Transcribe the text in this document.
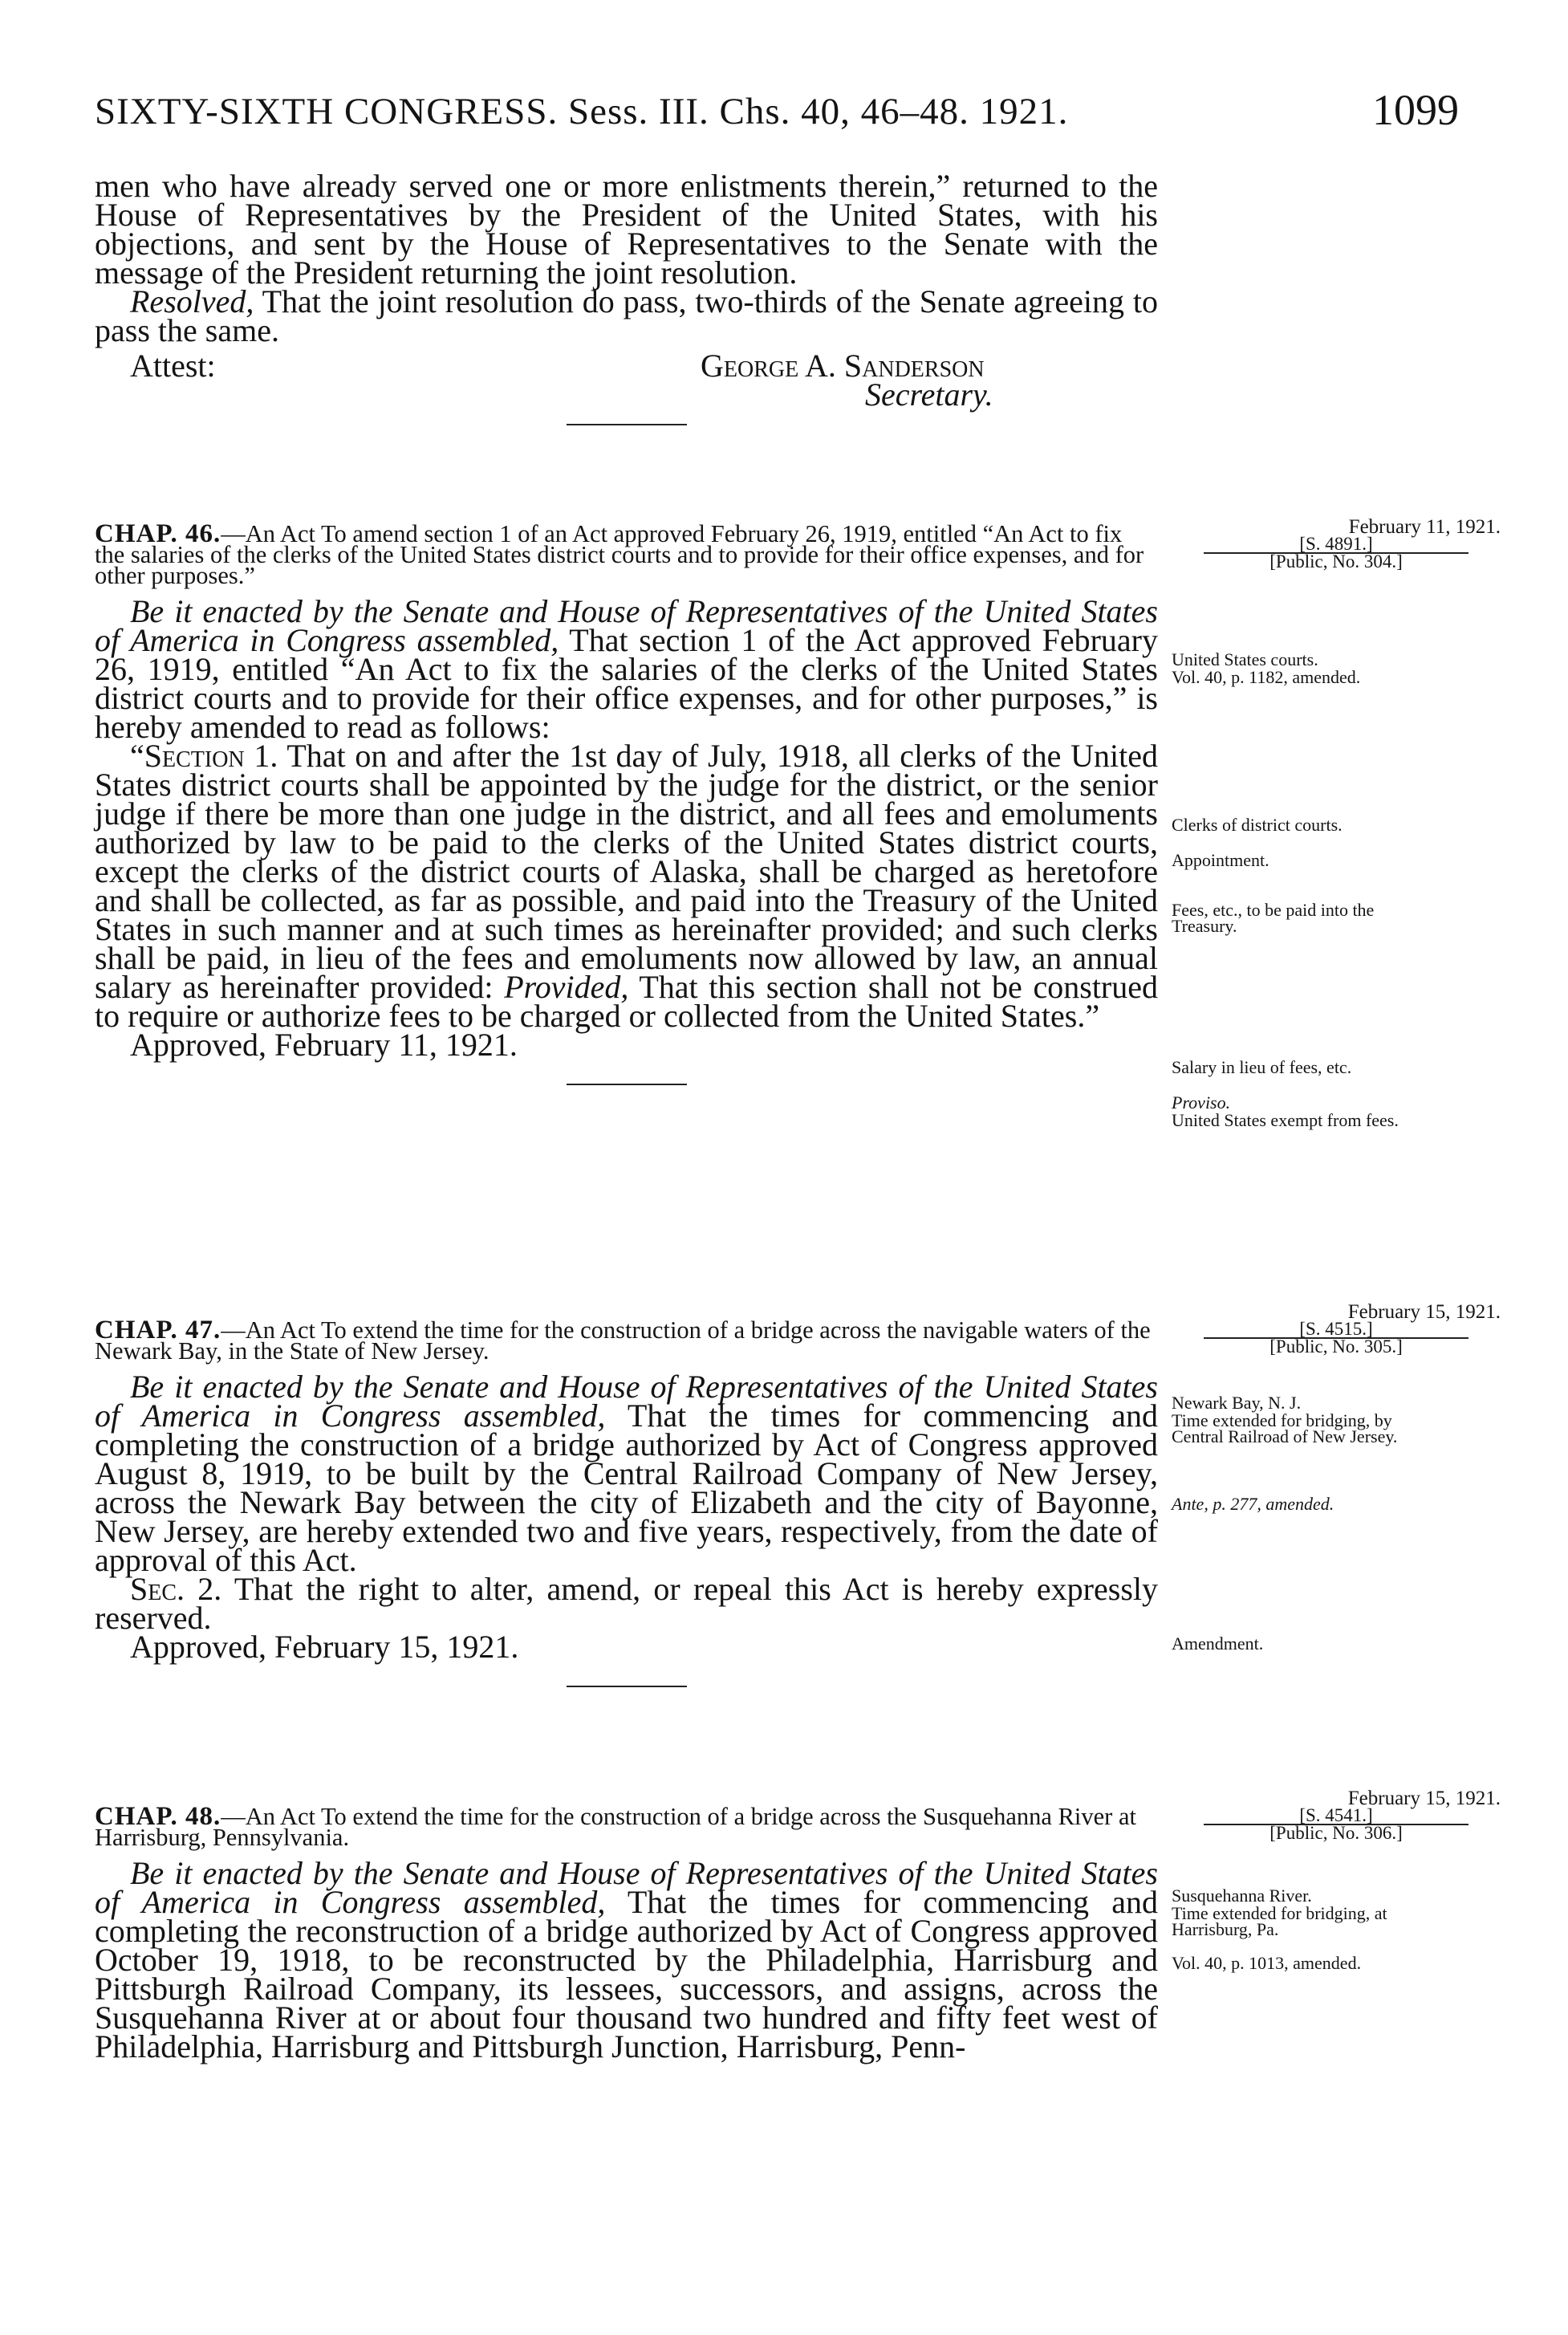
SIXTY-SIXTH CONGRESS. Sess. III. Chs. 40, 46–48. 1921.	1099

men who have already served one or more enlistments therein,” returned to the House of Representatives by the President of the United States, with his objections, and sent by the House of Representatives to the Senate with the message of the President returning the joint resolution.

Resolved, That the joint resolution do pass, two-thirds of the Senate agreeing to pass the same.

Attest:	George A. Sanderson
Secretary.

CHAP. 46.—An Act To amend section 1 of an Act approved February 26, 1919, entitled “An Act to fix the salaries of the clerks of the United States district courts and to provide for their office expenses, and for other purposes.”

Be it enacted by the Senate and House of Representatives of the United States of America in Congress assembled, That section 1 of the Act approved February 26, 1919, entitled “An Act to fix the salaries of the clerks of the United States district courts and to provide for their office expenses, and for other purposes,” is hereby amended to read as follows:

“Section 1. That on and after the 1st day of July, 1918, all clerks of the United States district courts shall be appointed by the judge for the district, or the senior judge if there be more than one judge in the district, and all fees and emoluments authorized by law to be paid to the clerks of the United States district courts, except the clerks of the district courts of Alaska, shall be charged as heretofore and shall be collected, as far as possible, and paid into the Treasury of the United States in such manner and at such times as hereinafter provided; and such clerks shall be paid, in lieu of the fees and emoluments now allowed by law, an annual salary as hereinafter provided: Provided, That this section shall not be construed to require or authorize fees to be charged or collected from the United States.”

Approved, February 11, 1921.

CHAP. 47.—An Act To extend the time for the construction of a bridge across the navigable waters of the Newark Bay, in the State of New Jersey.

Be it enacted by the Senate and House of Representatives of the United States of America in Congress assembled, That the times for commencing and completing the construction of a bridge authorized by Act of Congress approved August 8, 1919, to be built by the Central Railroad Company of New Jersey, across the Newark Bay between the city of Elizabeth and the city of Bayonne, New Jersey, are hereby extended two and five years, respectively, from the date of approval of this Act.

Sec. 2. That the right to alter, amend, or repeal this Act is hereby expressly reserved.

Approved, February 15, 1921.

CHAP. 48.—An Act To extend the time for the construction of a bridge across the Susquehanna River at Harrisburg, Pennsylvania.

Be it enacted by the Senate and House of Representatives of the United States of America in Congress assembled, That the times for commencing and completing the reconstruction of a bridge authorized by Act of Congress approved October 19, 1918, to be reconstructed by the Philadelphia, Harrisburg and Pittsburgh Railroad Company, its lessees, successors, and assigns, across the Susquehanna River at or about four thousand two hundred and fifty feet west of Philadelphia, Harrisburg and Pittsburgh Junction, Harrisburg, Penn-

February 11, 1921.
[S. 4891.]
[Public, No. 304.]
United States courts.
Vol. 40, p. 1182, amended.
Clerks of district courts.
Appointment.
Fees, etc., to be paid into the Treasury.
Salary in lieu of fees, etc.
Proviso.
United States exempt from fees.
February 15, 1921.
[S. 4515.]
[Public, No. 305.]
Newark Bay, N. J.
Time extended for bridging, by Central Railroad of New Jersey.
Ante, p. 277, amended.
Amendment.
February 15, 1921.
[S. 4541.]
[Public, No. 306.]
Susquehanna River.
Time extended for bridging, at Harrisburg, Pa.
Vol. 40, p. 1013, amended.
